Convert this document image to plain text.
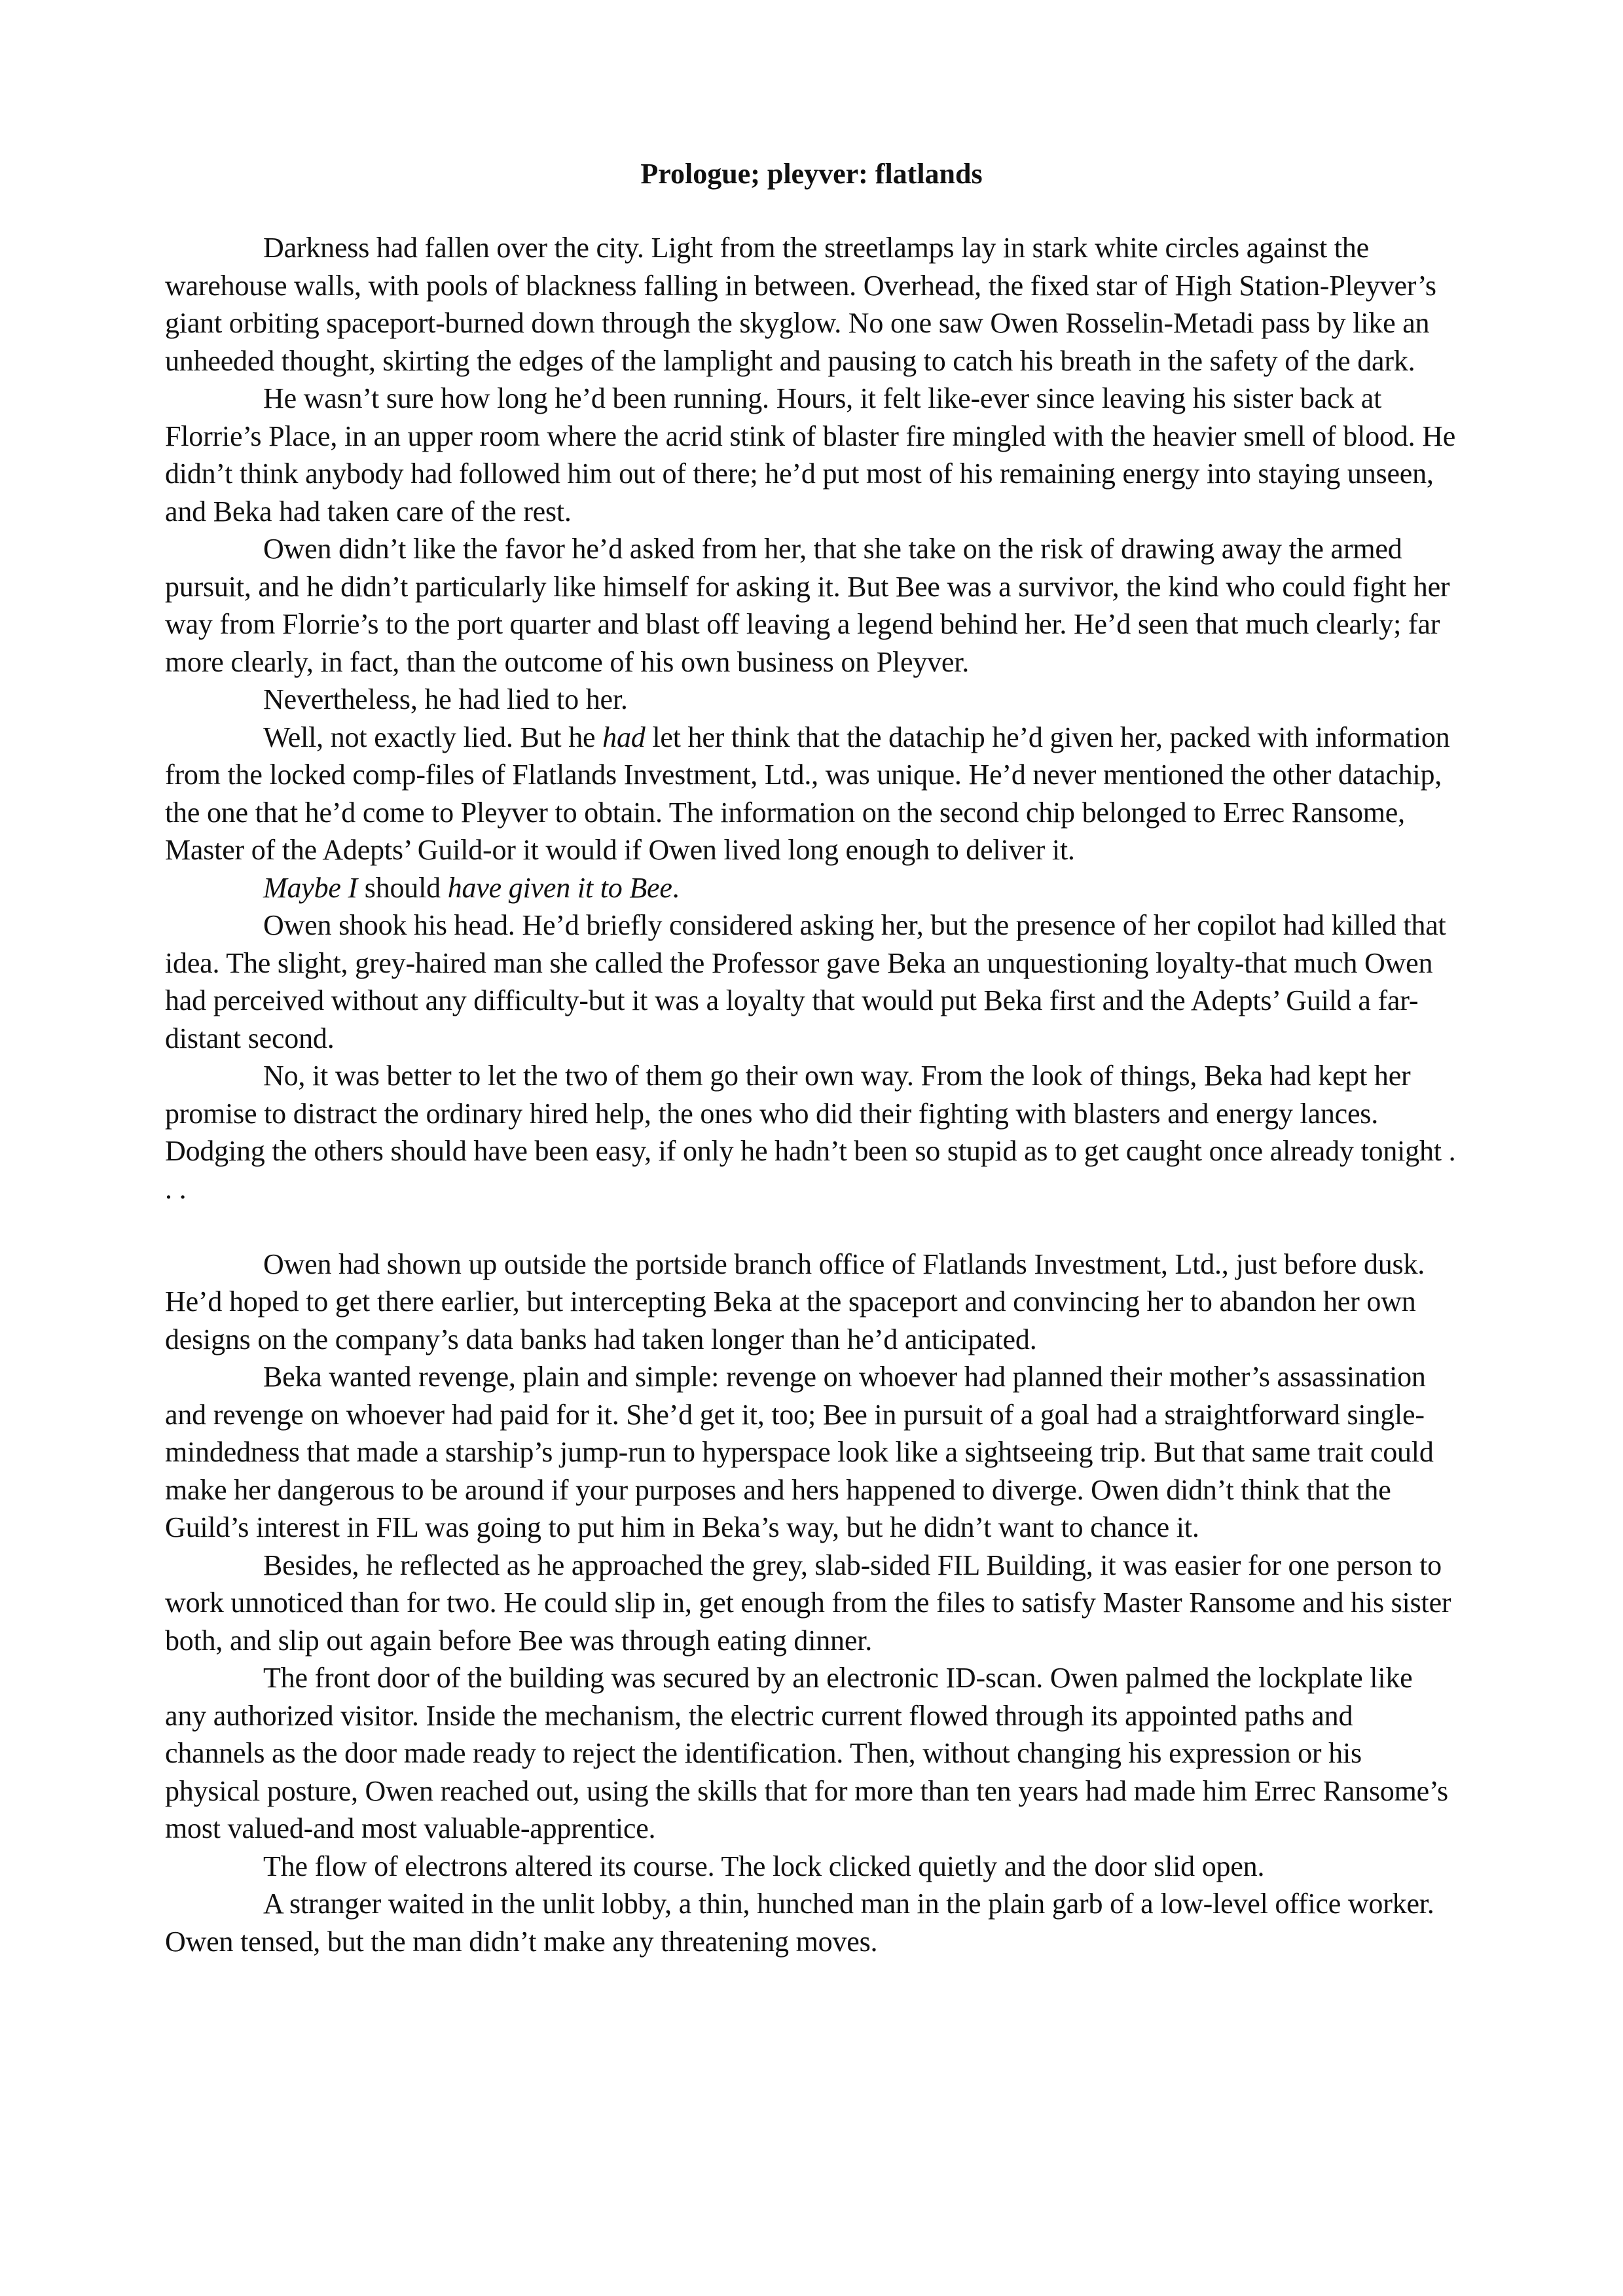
Prologue; pleyver: flatlands

Darkness had fallen over the city. Light from the streetlamps lay in stark white circles against the warehouse walls, with pools of blackness falling in between. Overhead, the fixed star of High Station-Pleyver’s giant orbiting spaceport-burned down through the skyglow. No one saw Owen Rosselin-Metadi pass by like an unheeded thought, skirting the edges of the lamplight and pausing to catch his breath in the safety of the dark.

He wasn’t sure how long he’d been running. Hours, it felt like-ever since leaving his sister back at Florrie’s Place, in an upper room where the acrid stink of blaster fire mingled with the heavier smell of blood. He didn’t think anybody had followed him out of there; he’d put most of his remaining energy into staying unseen, and Beka had taken care of the rest.

Owen didn’t like the favor he’d asked from her, that she take on the risk of drawing away the armed pursuit, and he didn’t particularly like himself for asking it. But Bee was a survivor, the kind who could fight her way from Florrie’s to the port quarter and blast off leaving a legend behind her. He’d seen that much clearly; far more clearly, in fact, than the outcome of his own business on Pleyver.

Nevertheless, he had lied to her.

Well, not exactly lied. But he had let her think that the datachip he’d given her, packed with information from the locked comp-files of Flatlands Investment, Ltd., was unique. He’d never mentioned the other datachip, the one that he’d come to Pleyver to obtain. The information on the second chip belonged to Errec Ransome, Master of the Adepts’ Guild-or it would if Owen lived long enough to deliver it.

Maybe I should have given it to Bee.

Owen shook his head. He’d briefly considered asking her, but the presence of her copilot had killed that idea. The slight, grey-haired man she called the Professor gave Beka an unquestioning loyalty-that much Owen had perceived without any difficulty-but it was a loyalty that would put Beka first and the Adepts’ Guild a far-distant second.

No, it was better to let the two of them go their own way. From the look of things, Beka had kept her promise to distract the ordinary hired help, the ones who did their fighting with blasters and energy lances. Dodging the others should have been easy, if only he hadn’t been so stupid as to get caught once already tonight . . .

Owen had shown up outside the portside branch office of Flatlands Investment, Ltd., just before dusk. He’d hoped to get there earlier, but intercepting Beka at the spaceport and convincing her to abandon her own designs on the company’s data banks had taken longer than he’d anticipated.

Beka wanted revenge, plain and simple: revenge on whoever had planned their mother’s assassination and revenge on whoever had paid for it. She’d get it, too; Bee in pursuit of a goal had a straightforward single-mindedness that made a starship’s jump-run to hyperspace look like a sightseeing trip. But that same trait could make her dangerous to be around if your purposes and hers happened to diverge. Owen didn’t think that the Guild’s interest in FIL was going to put him in Beka’s way, but he didn’t want to chance it.

Besides, he reflected as he approached the grey, slab-sided FIL Building, it was easier for one person to work unnoticed than for two. He could slip in, get enough from the files to satisfy Master Ransome and his sister both, and slip out again before Bee was through eating dinner.

The front door of the building was secured by an electronic ID-scan. Owen palmed the lockplate like any authorized visitor. Inside the mechanism, the electric current flowed through its appointed paths and channels as the door made ready to reject the identification. Then, without changing his expression or his physical posture, Owen reached out, using the skills that for more than ten years had made him Errec Ransome’s most valued-and most valuable-apprentice.

The flow of electrons altered its course. The lock clicked quietly and the door slid open.

A stranger waited in the unlit lobby, a thin, hunched man in the plain garb of a low-level office worker. Owen tensed, but the man didn’t make any threatening moves.
